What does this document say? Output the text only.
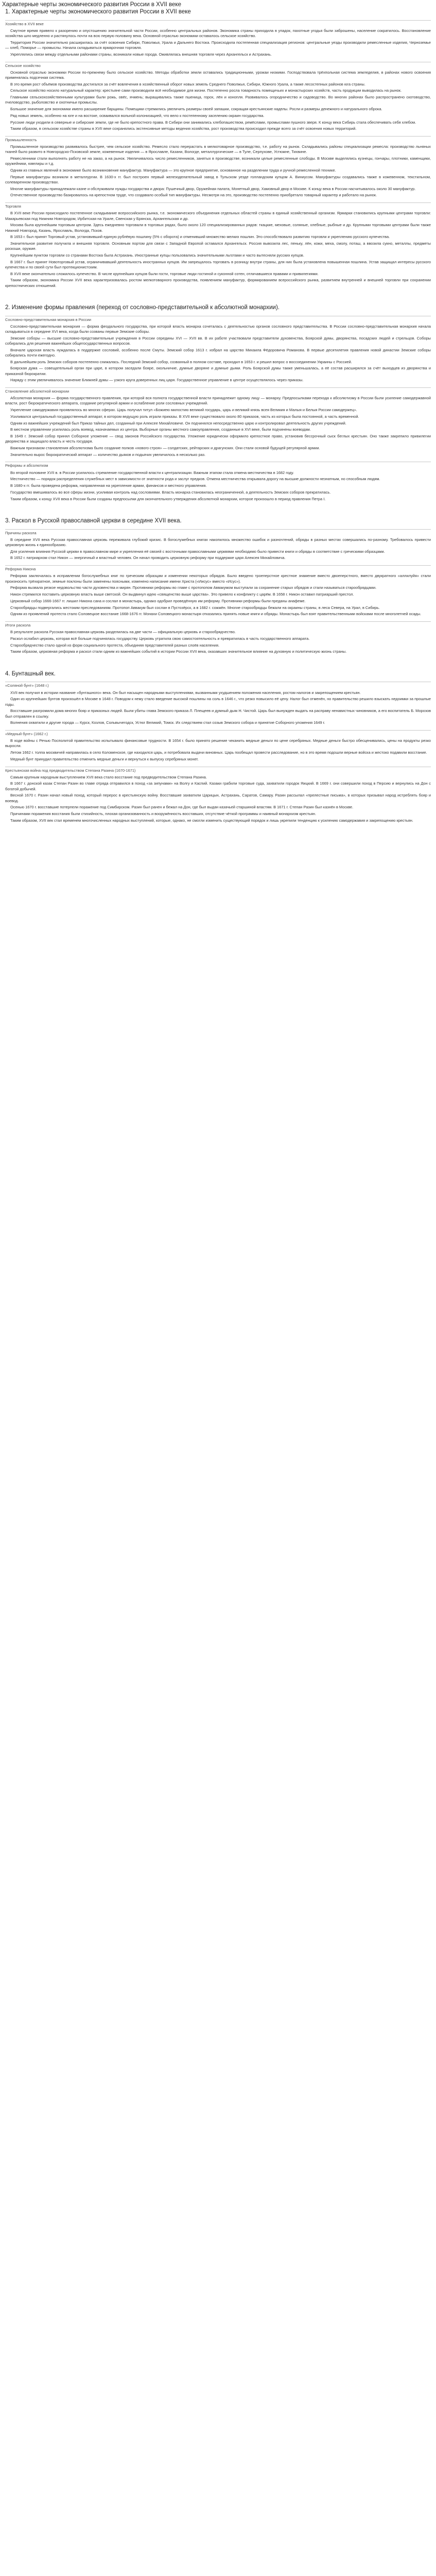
Характерные черты экономического развития России в XVII веке
1. Характерные черты экономического развития России в XVII веке
Хозяйство в XVII веке

Смутное время привело к разорению и опустошению значительной части России, особенно центральных районов. Экономика страны приходила в упадок, пахотные угодья были заброшены, население сократилось. Восстановление хозяйства шло медленно и растянулось почти на всю первую половину века. Основной отраслью экономики оставалось сельское хозяйство.

Территория России значительно расширилась за счёт освоения Сибири, Поволжья, Урала и Дальнего Востока. Происходила постепенная специализация регионов: центральные уезды производили ремесленные изделия, Черноземье — хлеб, Поморье — промыслы. Начала складываться ярмарочная торговля.

Укреплялись связи между отдельными районами страны, возникали новые города. Оживлялась внешняя торговля через Архангельск и Астрахань.

Сельское хозяйство

Основной отраслью экономики России по-прежнему было сельское хозяйство. Методы обработки земли оставались традиционными, урожаи низкими. Господствовала трёхпольная система земледелия, в районах нового освоения применялась подсечная система.

В это время рост объёмов производства достигался за счёт вовлечения в хозяйственный оборот новых земель Среднего Поволжья, Сибири, Южного Урала, а также лесостепных районов юга страны.

Сельское хозяйство носило натуральный характер: крестьяне сами производили всё необходимое для жизни. Постепенно росла товарность помещичьих и монастырских хозяйств, часть продукции выводилась на рынок.

Главными сельскохозяйственными культурами были рожь, овёс, ячмень; выращивались также пшеница, горох, лён и конопля. Развивалось огородничество и садоводство. Во многих районах было распространено скотоводство, пчеловодство, рыболовство и охотничьи промыслы.

Большое значение для экономики имело расширение барщины. Помещики стремились увеличить размеры своей запашки, сокращая крестьянские наделы. Росли и размеры денежного и натурального оброка.

Ряд новых земель, особенно на юге и на востоке, осваивался вольной колонизацией, что вело к постепенному заселению окраин государства.

Русские люди уходили в северные и сибирские земли, где не было крепостного права. В Сибири они занимались хлебопашеством, ремёслами, промыслами пушного зверя. К концу века Сибирь стала обеспечивать себя хлебом.

Таким образом, в сельском хозяйстве страны в XVII веке сохранялись экстенсивные методы ведения хозяйства, рост производства происходил прежде всего за счёт освоения новых территорий.

Промышленность

Промышленное производство развивалось быстрее, чем сельское хозяйство. Ремесло стало перерастать в мелкотоварное производство, т.е. работу на рынок. Складывались районы специализации ремесла: производство льняных тканей было развито в Новгородско-Псковской земле, кожевенные изделия — в Ярославле, Казани, Вологде, металлургические — в Туле, Серпухове, Устюжне, Тихвине.

Ремесленники стали выполнять работу не на заказ, а на рынок. Увеличивалось число ремесленников, занятых в производстве, возникали целые ремесленные слободы. В Москве выделялись кузнецы, гончары, плотники, каменщики, оружейники, ювелиры и т.д.

Одним из главных явлений в экономике было возникновение мануфактур. Мануфактура — это крупное предприятие, основанное на разделении труда и ручной ремесленной технике.

Первые мануфактуры возникли в металлургии. В 1630-х гг. был построен первый железоделательный завод в Тульском уезде голландским купцом А. Виниусом. Мануфактуры создавались также в кожевенном, текстильном, солеваренном производствах.

Многие мануфактуры принадлежали казне и обслуживали нужды государства и двора: Пушечный двор, Оружейная палата, Монетный двор, Хамовный двор в Москве. К концу века в России насчитывалось около 30 мануфактур.

Отечественное производство базировалось на крепостном труде, что создавало особый тип мануфактуры. Несмотря на это, производство постепенно приобретало товарный характер и работало на рынок.

Торговля

В XVII веке России происходило постепенное складывание всероссийского рынка, т.е. экономического объединения отдельных областей страны в единый хозяйственный организм. Ярмарки становились крупными центрами торговли: Макарьевская под Нижним Новгородом, Ирбитская на Урале, Свенская у Брянска, Архангельская и др.

Москва была крупнейшим торговым центром. Здесь ежедневно торговали в торговых рядах, было около 120 специализированных рядов: ткацкие, меховые, соляные, хлебные, рыбные и др. Крупными торговыми центрами были также Нижний Новгород, Казань, Ярославль, Вологда, Псков.

В 1653 г. был принят Торговый устав, установивший единую рублёвую пошлину (5% с оборота) и отменивший множество мелких пошлин. Это способствовало развитию торговли и укреплению русского купечества.

Значительное развитие получила и внешняя торговля. Основным портом для связи с Западной Европой оставался Архангельск. Россия вывозила лес, пеньку, лён, кожи, меха, смолу, поташ, а ввозила сукно, металлы, предметы роскоши, оружие.

Крупнейшим пунктом торговли со странами Востока была Астрахань. Иностранные купцы пользовались значительными льготами и часто вытесняли русских купцов.

В 1667 г. был принят Новоторговый устав, ограничивавший деятельность иностранных купцов. Им запрещалось торговать в розницу внутри страны, для них была установлена повышенная пошлина. Устав защищал интересы русского купечества и по своей сути был протекционистским.

В XVII веке окончательно сложилось купечество. В числе крупнейших купцов были гости, торговые люди гостиной и суконной сотен, отличавшиеся правами и привилегиями.

Таким образом, экономика России XVII века характеризовалась ростом мелкотоварного производства, появлением мануфактур, формированием всероссийского рынка, развитием внутренней и внешней торговли при сохранении крепостнических отношений.

2. Изменение формы правления (переход от сословно-представительной к абсолютной монархии).
Сословно-представительная монархия в России

Сословно-представительная монархия — форма феодального государства, при которой власть монарха сочеталась с деятельностью органов сословного представительства. В России сословно-представительная монархия начала складываться в середине XVI века, когда были созваны первые Земские соборы.

Земские соборы — высшие сословно-представительные учреждения в России середины XVI — XVII вв. В их работе участвовали представители духовенства, Боярской думы, дворянства, посадских людей и стрельцов. Соборы собирались для решения важнейших общегосударственных вопросов.

Вначале царская власть нуждалась в поддержке сословий, особенно после Смуты. Земский собор 1613 г. избрал на царство Михаила Фёдоровича Романова. В первые десятилетия правления новой династии Земские соборы собирались почти ежегодно.

В дальнейшем роль Земских соборов постепенно снижалась. Последний Земский собор, созванный в полном составе, проходил в 1653 г. и решил вопрос о воссоединении Украины с Россией.

Боярская дума — совещательный орган при царе, в котором заседали бояре, окольничие, думные дворяне и думные дьяки. Роль Боярской думы также уменьшалась, а её состав расширялся за счёт выходцев из дворянства и приказной бюрократии.

Наряду с этим увеличивалось значение Ближней думы — узкого круга доверенных лиц царя. Государственное управление в центре осуществлялось через приказы.

Становление абсолютной монархии

Абсолютная монархия — форма государственного правления, при которой вся полнота государственной власти принадлежит одному лицу — монарху. Предпосылками перехода к абсолютизму в России были усиление самодержавной власти, рост бюрократического аппарата, создание регулярной армии и ослабление роли сословных учреждений.

Укрепление самодержавия проявлялось во многих сферах. Царь получал титул «Божиею милостию великий государь, царь и великий князь всея Великия и Малыя и Белыя России самодержец».

Усиливался центральный государственный аппарат, в котором ведущую роль играли приказы. В XVII веке существовало около 80 приказов, часть из которых была постоянной, а часть временной.

Одним из важнейших учреждений был Приказ тайных дел, созданный при Алексее Михайловиче. Он подчинялся непосредственно царю и контролировал деятельность других учреждений.

В местном управлении усилилась роль воевод, назначаемых из центра. Выборные органы местного самоуправления, созданные в XVI веке, были подчинены воеводам.

В 1649 г. Земский собор принял Соборное уложение — свод законов Российского государства. Уложение юридически оформило крепостное право, установив бессрочный сыск беглых крестьян. Оно также закрепило привилегии дворянства и защищало власть и честь государя.

Важным признаком становления абсолютизма было создание полков «нового строя» — солдатских, рейтарских и драгунских. Они стали основой будущей регулярной армии.

Значительно вырос бюрократический аппарат — количество дьяков и подьячих увеличилось в несколько раз.

Реформы и абсолютизм

Во второй половине XVII в. в России усилилось стремление государственной власти к централизации. Важным этапом стала отмена местничества в 1682 году.

Местничество — порядок распределения служебных мест в зависимости от знатности рода и заслуг предков. Отмена местничества открывала дорогу на высшие должности незнатным, но способным людям.

В 1680-х гг. была проведена реформа, направленная на укрепление армии, финансов и местного управления.

Государство вмешивалось во все сферы жизни, усиливая контроль над сословиями. Власть монарха становилась неограниченной, а деятельность Земских соборов прекратилась.

Таким образом, к концу XVII века в России были созданы предпосылки для окончательного утверждения абсолютной монархии, которое произошло в период правления Петра I.

3. Раскол в Русской православной церкви в середине XVII века.
Причины раскола

В середине XVII века Русская православная церковь переживала глубокий кризис. В богослужебных книгах накопилось множество ошибок и разночтений, обряды в разных местах совершались по-разному. Требовалось привести церковную жизнь к единообразию.

Для усиления влияния Русской церкви в православном мире и укрепления её связей с восточными православными церквями необходимо было привести книги и обряды в соответствие с греческими образцами.

В 1652 г. патриархом стал Никон — энергичный и властный человек. Он начал проводить церковную реформу при поддержке царя Алексея Михайловича.

Реформа Никона

Реформа заключалась в исправлении богослужебных книг по греческим образцам и изменении некоторых обрядов. Было введено троеперстное крестное знамение вместо двоеперстного, вместо двукратного «аллилуйя» стали произносить трёхкратное, земные поклоны были заменены поясными, изменено написание имени Христа («Иисус» вместо «Исус»).

Реформа вызвала резкое недовольство части духовенства и мирян. Противники реформы во главе с протопопом Аввакумом выступали за сохранение старых обрядов и стали называться старообрядцами.

Никон стремился поставить церковную власть выше светской. Он выдвинул идею «священство выше царства». Это привело к конфликту с царём. В 1658 г. Никон оставил патриарший престол.

Церковный собор 1666-1667 гг. лишил Никона сана и сослал в монастырь, однако одобрил проведённую им реформу. Противники реформы были преданы анафеме.

Старообрядцы подвергались жестоким преследованиям. Протопоп Аввакум был сослан в Пустозёрск, а в 1682 г. сожжён. Многие старообрядцы бежали на окраины страны, в леса Севера, на Урал, в Сибирь.

Одним из проявлений протеста стало Соловецкое восстание 1668-1676 гг. Монахи Соловецкого монастыря отказались принять новые книги и обряды. Монастырь был взят правительственными войсками после многолетней осады.

Итоги раскола

В результате раскола Русская православная церковь разделилась на две части — официальную церковь и старообрядчество.

Раскол ослабил церковь, которая всё больше подчинялась государству. Церковь утратила свою самостоятельность и превратилась в часть государственного аппарата.

Старообрядчество стало одной из форм социального протеста, объединяя представителей разных слоёв населения.

Таким образом, церковная реформа и раскол стали одним из важнейших событий в истории России XVII века, оказавших значительное влияние на духовную и политическую жизнь страны.

4. Бунташный век.
«Соляной бунт» (1648 г.)

XVII век получил в истории название «бунташного» века. Он был насыщен народными выступлениями, вызванными ухудшением положения населения, ростом налогов и закрепощением крестьян.

Один из крупнейших бунтов произошёл в Москве в 1648 г. Поводом к нему стало введение высокой пошлины на соль в 1646 г., что резко повысило её цену. Налог был отменён, но правительство решило взыскать недоимки за прошлые годы.

Восставшие разгромили дома многих бояр и приказных людей. Были убиты глава Земского приказа Л. Плещеев и думный дьяк Н. Чистой. Царь был вынужден выдать на расправу ненавистных чиновников, а его воспитатель Б. Морозов был отправлен в ссылку.

Волнения охватили и другие города — Курск, Козлов, Сольвычегодск, Устюг Великий, Томск. Их следствием стал созыв Земского собора и принятие Соборного уложения 1649 г.

«Медный бунт» (1662 г.)

В ходе войны с Речью Посполитой правительство испытывало финансовые трудности. В 1654 г. было принято решение чеканить медные деньги по цене серебряных. Медные деньги быстро обесценивались, цены на продукты резко выросли.

Летом 1662 г. толпа москвичей направилась в село Коломенское, где находился царь, и потребовала выдачи виновных. Царь пообещал провести расследование, но в это время подошли верные войска и жестоко подавили восстание.

Медный бунт принудил правительство отменить медные деньги и вернуться к выпуску серебряных монет.

Крестьянская война под предводительством Степана Разина (1670-1671)

Самым крупным народным выступлением XVII века стало восстание под предводительством Степана Разина.

В 1667 г. донской казак Степан Разин во главе отряда отправился в поход «за зипунами» на Волгу и Каспий. Казаки грабили торговые суда, захватили городок Яицкий. В 1669 г. они совершили поход в Персию и вернулись на Дон с богатой добычей.

Весной 1670 г. Разин начал новый поход, который перерос в крестьянскую войну. Восставшие захватили Царицын, Астрахань, Саратов, Самару. Разин рассылал «прелестные письма», в которых призывал народ истреблять бояр и воевод.

Осенью 1670 г. восставшие потерпели поражение под Симбирском. Разин был ранен и бежал на Дон, где был выдан казачьей старшиной властям. В 1671 г. Степан Разин был казнён в Москве.

Причинами поражения восстания были стихийность, плохая организованность и вооружённость восставших, отсутствие чёткой программы и наивный монархизм крестьян.

Таким образом, XVII век стал временем многочисленных народных выступлений, которые, однако, не смогли изменить существующий порядок и лишь укрепили тенденцию к усилению самодержавия и закрепощению крестьян.
